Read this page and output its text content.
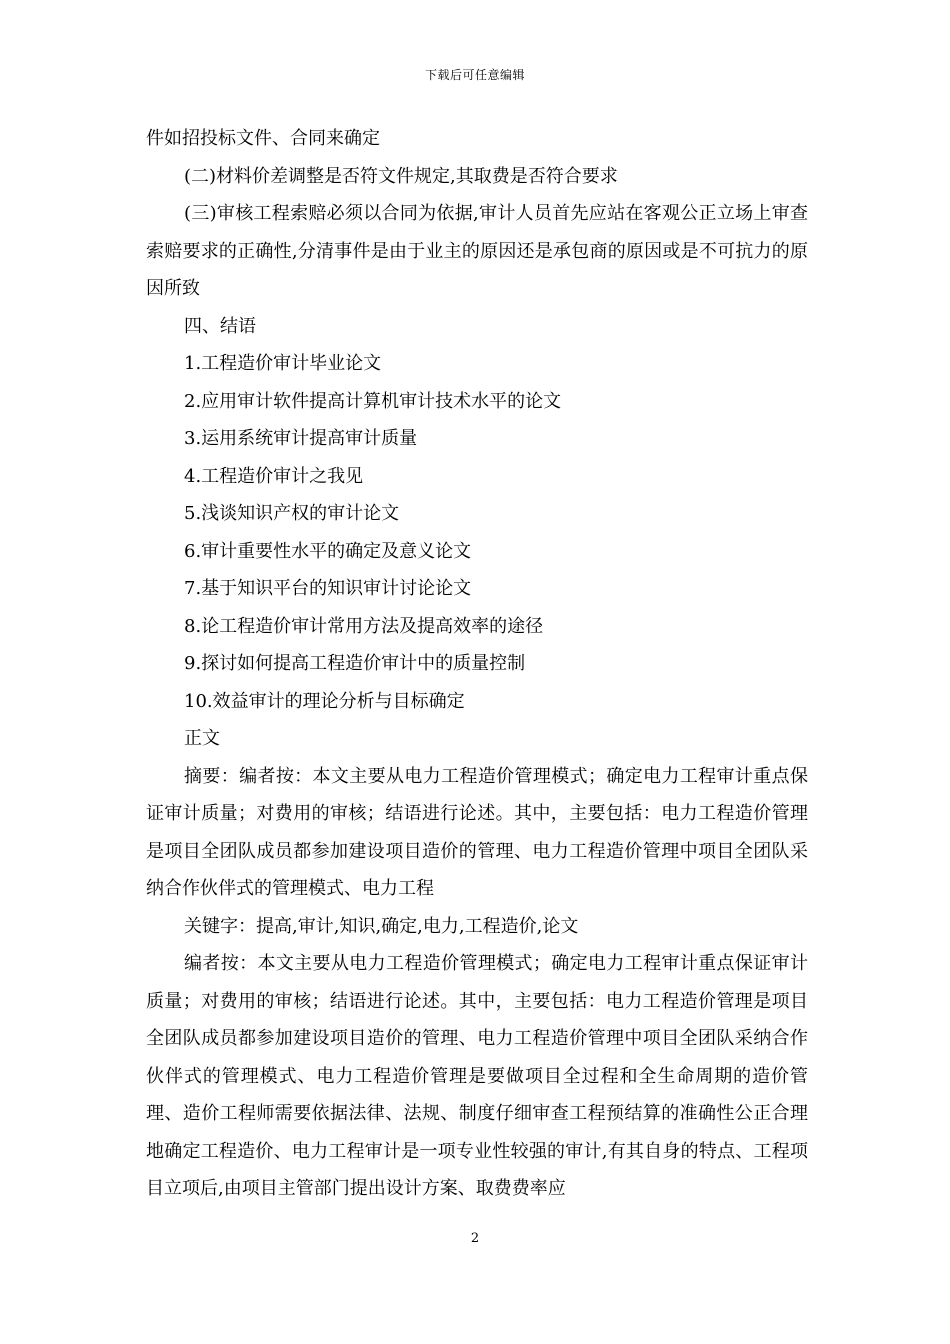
下载后可任意编辑

件如招投标文件、合同来确定

(二)材料价差调整是否符文件规定,其取费是否符合要求

(三)审核工程索赔必须以合同为依据,审计人员首先应站在客观公正立场上审查索赔要求的正确性,分清事件是由于业主的原因还是承包商的原因或是不可抗力的原因所致

四、结语

1.工程造价审计毕业论文

2.应用审计软件提高计算机审计技术水平的论文

3.运用系统审计提高审计质量

4.工程造价审计之我见

5.浅谈知识产权的审计论文

6.审计重要性水平的确定及意义论文

7.基于知识平台的知识审计讨论论文

8.论工程造价审计常用方法及提高效率的途径

9.探讨如何提高工程造价审计中的质量控制

10.效益审计的理论分析与目标确定

正文

摘要：编者按：本文主要从电力工程造价管理模式；确定电力工程审计重点保证审计质量；对费用的审核；结语进行论述。其中，主要包括：电力工程造价管理是项目全团队成员都参加建设项目造价的管理、电力工程造价管理中项目全团队采纳合作伙伴式的管理模式、电力工程

关键字：提高,审计,知识,确定,电力,工程造价,论文

编者按：本文主要从电力工程造价管理模式；确定电力工程审计重点保证审计质量；对费用的审核；结语进行论述。其中，主要包括：电力工程造价管理是项目全团队成员都参加建设项目造价的管理、电力工程造价管理中项目全团队采纳合作伙伴式的管理模式、电力工程造价管理是要做项目全过程和全生命周期的造价管理、造价工程师需要依据法律、法规、制度仔细审查工程预结算的准确性公正合理地确定工程造价、电力工程审计是一项专业性较强的审计,有其自身的特点、工程项目立项后,由项目主管部门提出设计方案、取费费率应

2
